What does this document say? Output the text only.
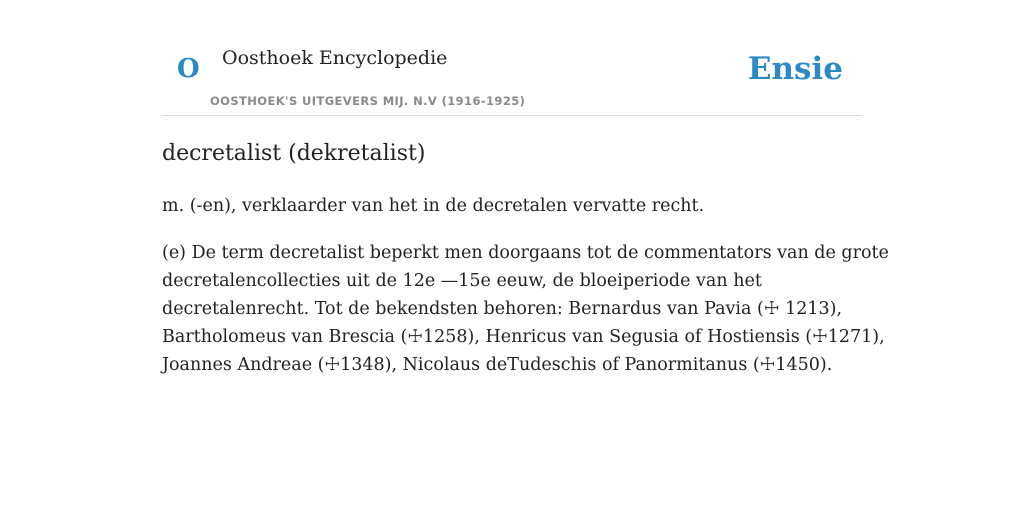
O Oosthoek Encyclopedie
OOSTHOEK'S UITGEVERS MIJ. N.V (1916-1925)
Ensie
decretalist (dekretalist)

m. (-en), verklaarder van het in de decretalen vervatte recht.

(e) De term decretalist beperkt men doorgaans tot de commentators van de grote
decretalencollecties uit de 12e —15e eeuw, de bloeiperiode van het
decretalenrecht. Tot de bekendsten behoren: Bernardus van Pavia (☩ 1213),
Bartholomeus van Brescia (☩1258), Henricus van Segusia of Hostiensis (☩1271),
Joannes Andreae (☩1348), Nicolaus deTudeschis of Panormitanus (☩1450).
